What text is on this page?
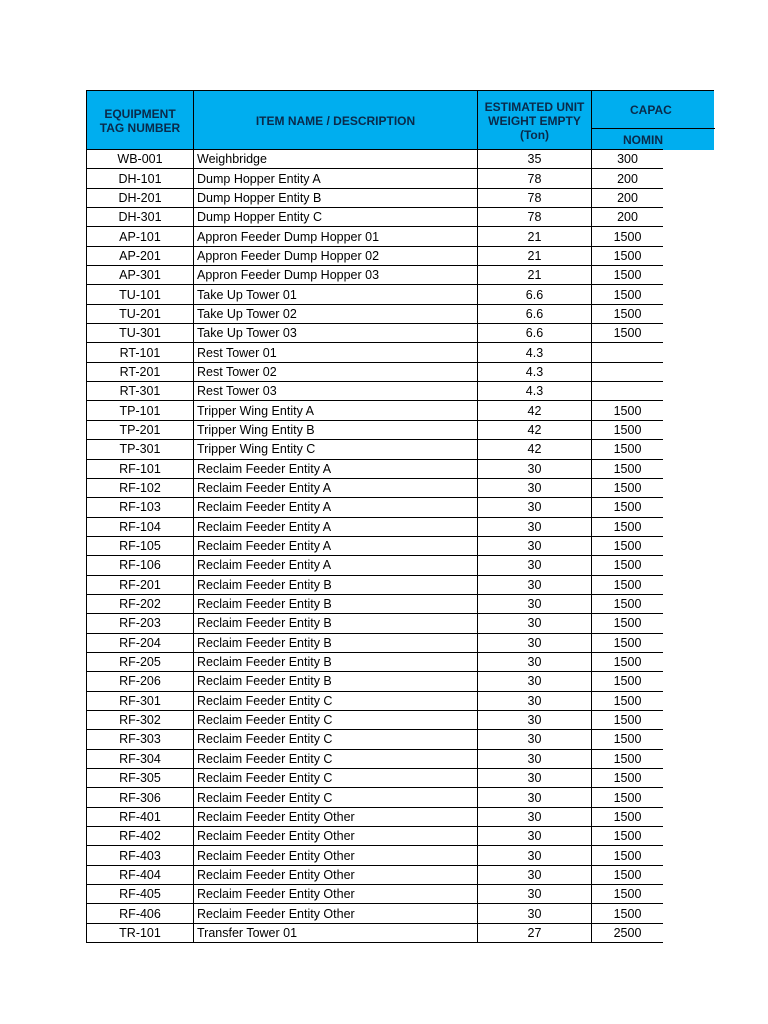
EQUIPMENT TAG NUMBER	ITEM NAME / DESCRIPTION
ESTIMATED UNIT WEIGHT EMPTY (Ton)
CAPAC
NOMIN
WB-001	Weighbridge	35	300
DH-101	Dump Hopper Entity A	78	200
DH-201	Dump Hopper Entity B	78	200
DH-301	Dump Hopper Entity C	78	200
AP-101	Appron Feeder Dump Hopper 01	21	1500
AP-201	Appron Feeder Dump Hopper 02	21	1500
AP-301	Appron Feeder Dump Hopper 03	21	1500
TU-101	Take Up Tower 01	6.6	1500
TU-201	Take Up Tower 02	6.6	1500
TU-301	Take Up Tower 03	6.6	1500
RT-101	Rest Tower 01	4.3
RT-201	Rest Tower 02	4.3
RT-301	Rest Tower 03	4.3
TP-101	Tripper Wing Entity A	42	1500
TP-201	Tripper Wing Entity B	42	1500
TP-301	Tripper Wing Entity C	42	1500
RF-101	Reclaim Feeder Entity A	30	1500
RF-102	Reclaim Feeder Entity A	30	1500
RF-103	Reclaim Feeder Entity A	30	1500
RF-104	Reclaim Feeder Entity A	30	1500
RF-105	Reclaim Feeder Entity A	30	1500
RF-106	Reclaim Feeder Entity A	30	1500
RF-201	Reclaim Feeder Entity B	30	1500
RF-202	Reclaim Feeder Entity B	30	1500
RF-203	Reclaim Feeder Entity B	30	1500
RF-204	Reclaim Feeder Entity B	30	1500
RF-205	Reclaim Feeder Entity B	30	1500
RF-206	Reclaim Feeder Entity B	30	1500
RF-301	Reclaim Feeder Entity C	30	1500
RF-302	Reclaim Feeder Entity C	30	1500
RF-303	Reclaim Feeder Entity C	30	1500
RF-304	Reclaim Feeder Entity C	30	1500
RF-305	Reclaim Feeder Entity C	30	1500
RF-306	Reclaim Feeder Entity C	30	1500
RF-401	Reclaim Feeder Entity Other	30	1500
RF-402	Reclaim Feeder Entity Other	30	1500
RF-403	Reclaim Feeder Entity Other	30	1500
RF-404	Reclaim Feeder Entity Other	30	1500
RF-405	Reclaim Feeder Entity Other	30	1500
RF-406	Reclaim Feeder Entity Other	30	1500
TR-101	Transfer Tower 01	27	2500
